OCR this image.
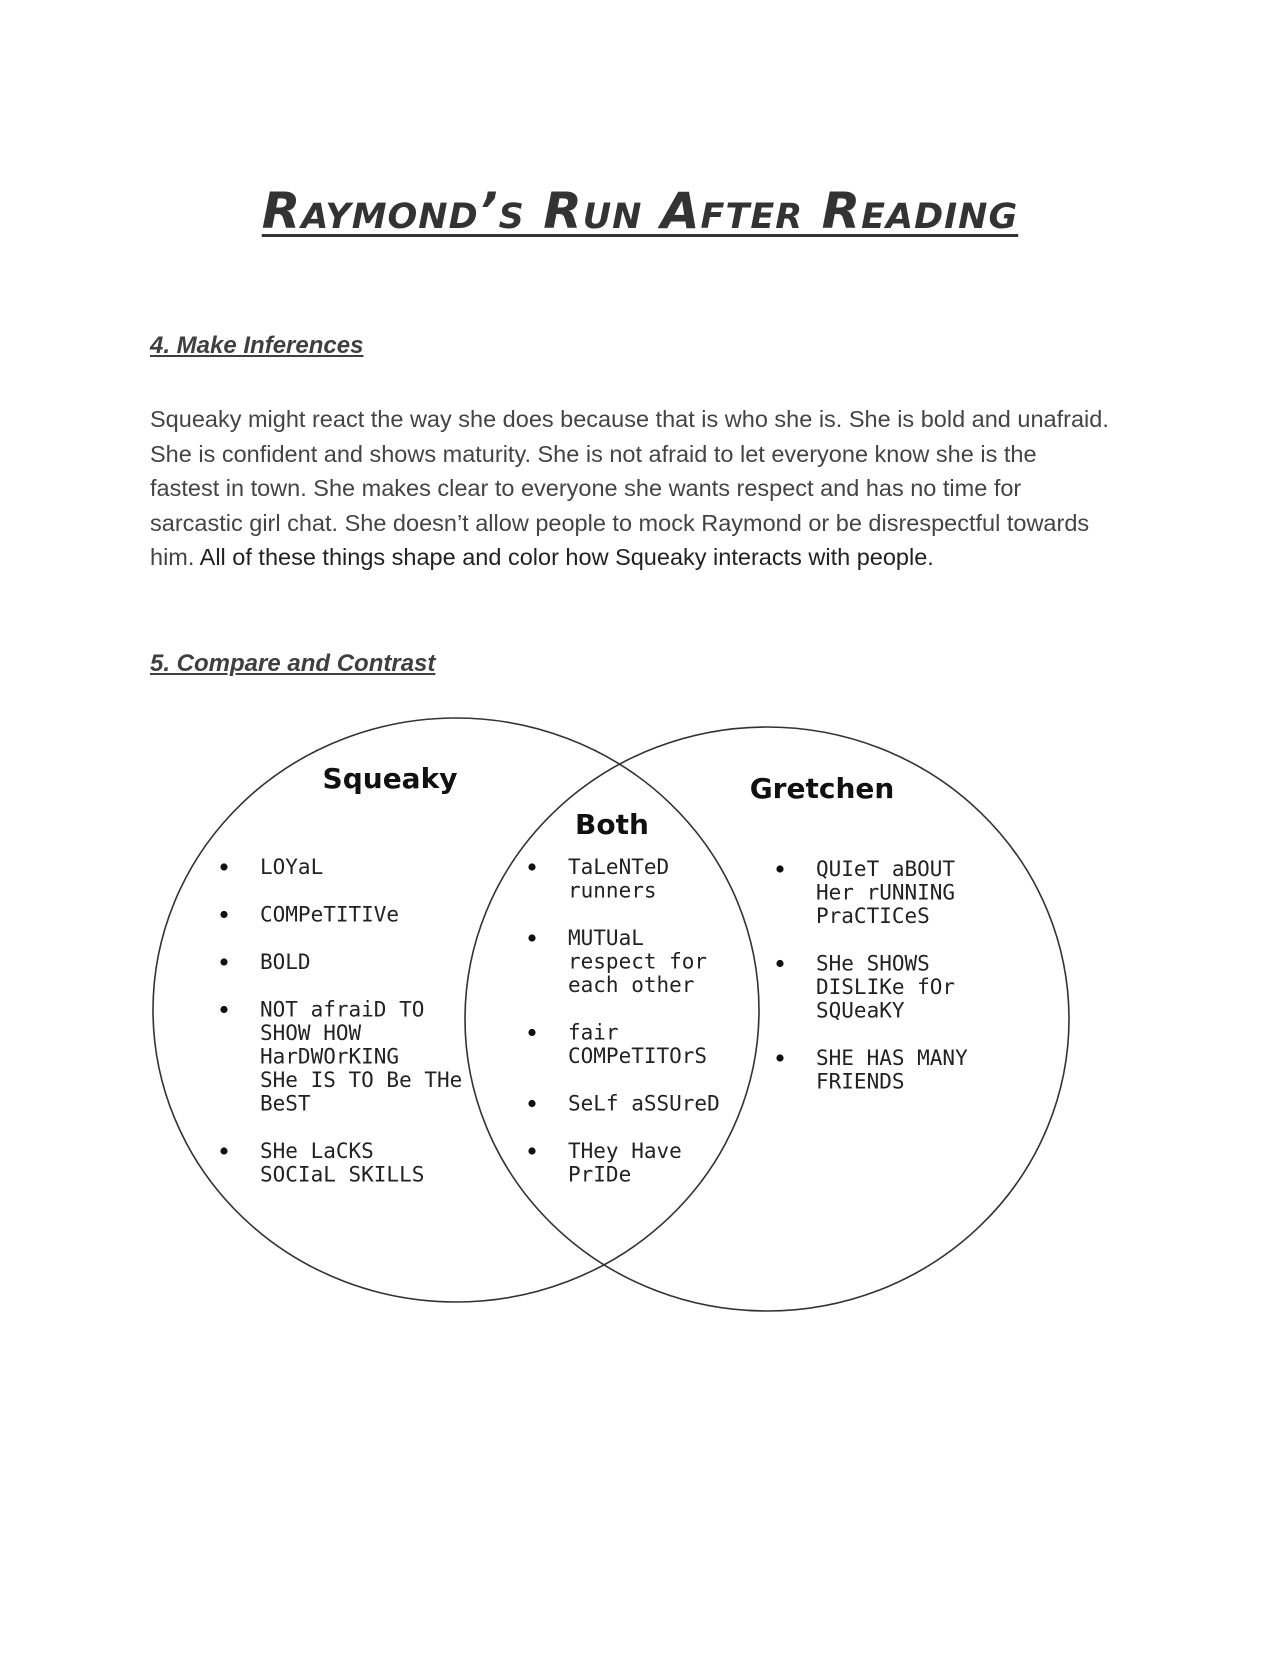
Raymond’s Run After Reading
4. Make Inferences

Squeaky might react the way she does because that is who she is. She is bold and unafraid. She is confident and shows maturity. She is not afraid to let everyone know she is the fastest in town. She makes clear to everyone she wants respect and has no time for sarcastic girl chat. She doesn’t allow people to mock Raymond or be disrespectful towards him. All of these things shape and color how Squeaky interacts with people.

5. Compare and Contrast
Squeaky
Both
Gretchen
LOYaL
COMPeTITIVe
BOLD
NOT afraiD TO
SHOW HOW
HarDWOrKING
SHe IS TO Be THe
BeST
SHe LaCKS
SOCIaL SKILLS
TaLeNTeD
runners
MUTUaL
respect for
each other
fair
COMPeTITOrS
SeLf aSSUreD
THey Have
PrIDe
QUIeT aBOUT
Her rUNNING
PraCTICeS
SHe SHOWS
DISLIKe fOr
SQUeaKY
SHE HAS MANY
FRIENDS
